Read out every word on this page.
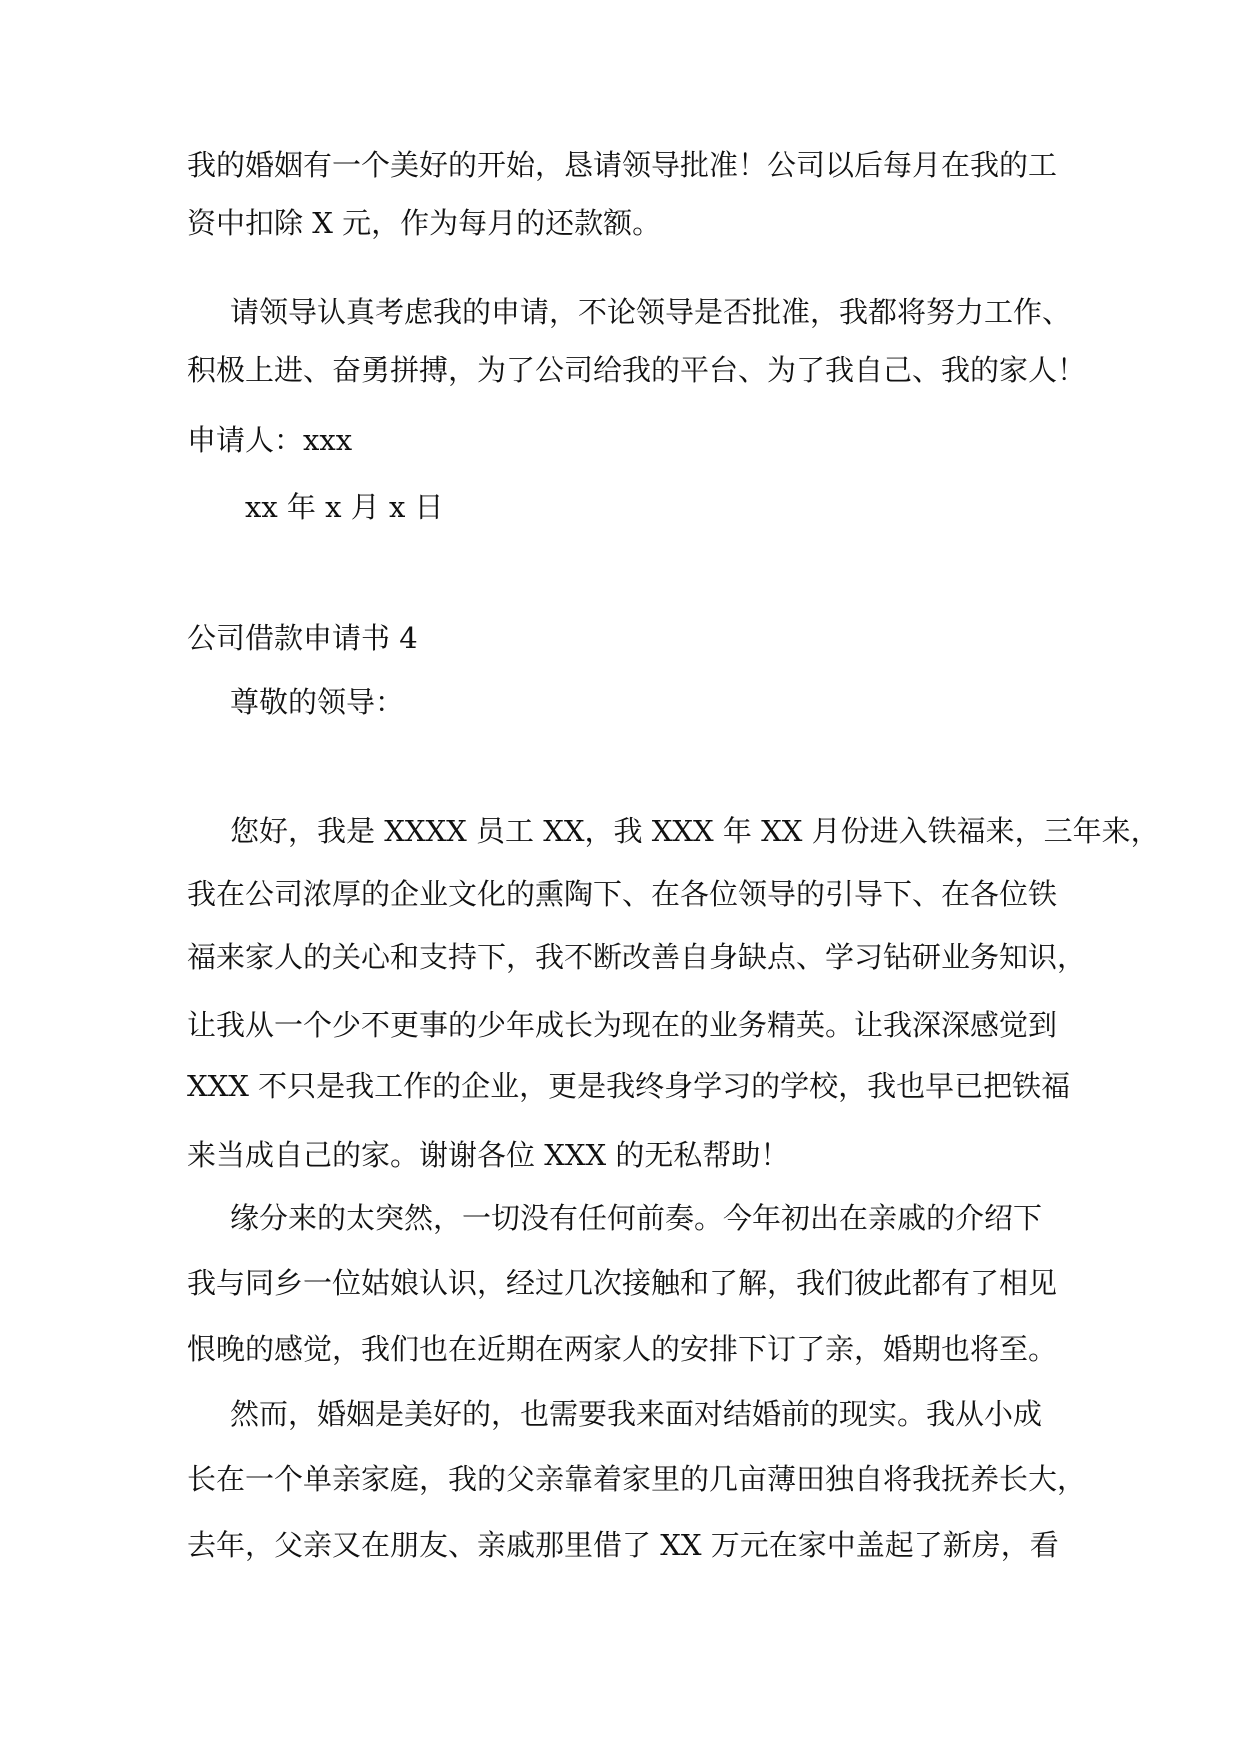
我的婚姻有一个美好的开始，恳请领导批准！公司以后每月在我的工
资中扣除 X 元，作为每月的还款额。
请领导认真考虑我的申请，不论领导是否批准，我都将努力工作、
积极上进、奋勇拼搏，为了公司给我的平台、为了我自己、我的家人！
申请人：xxx
xx 年 x 月 x 日
公司借款申请书 4
尊敬的领导：
您好，我是 XXXX 员工 XX，我 XXX 年 XX 月份进入铁福来，三年来，
我在公司浓厚的企业文化的熏陶下、在各位领导的引导下、在各位铁
福来家人的关心和支持下，我不断改善自身缺点、学习钻研业务知识，
让我从一个少不更事的少年成长为现在的业务精英。让我深深感觉到
XXX 不只是我工作的企业，更是我终身学习的学校，我也早已把铁福
来当成自己的家。谢谢各位 XXX 的无私帮助！
缘分来的太突然，一切没有任何前奏。今年初出在亲戚的介绍下
我与同乡一位姑娘认识，经过几次接触和了解，我们彼此都有了相见
恨晚的感觉，我们也在近期在两家人的安排下订了亲，婚期也将至。
然而，婚姻是美好的，也需要我来面对结婚前的现实。我从小成
长在一个单亲家庭，我的父亲靠着家里的几亩薄田独自将我抚养长大，
去年，父亲又在朋友、亲戚那里借了 XX 万元在家中盖起了新房，看
